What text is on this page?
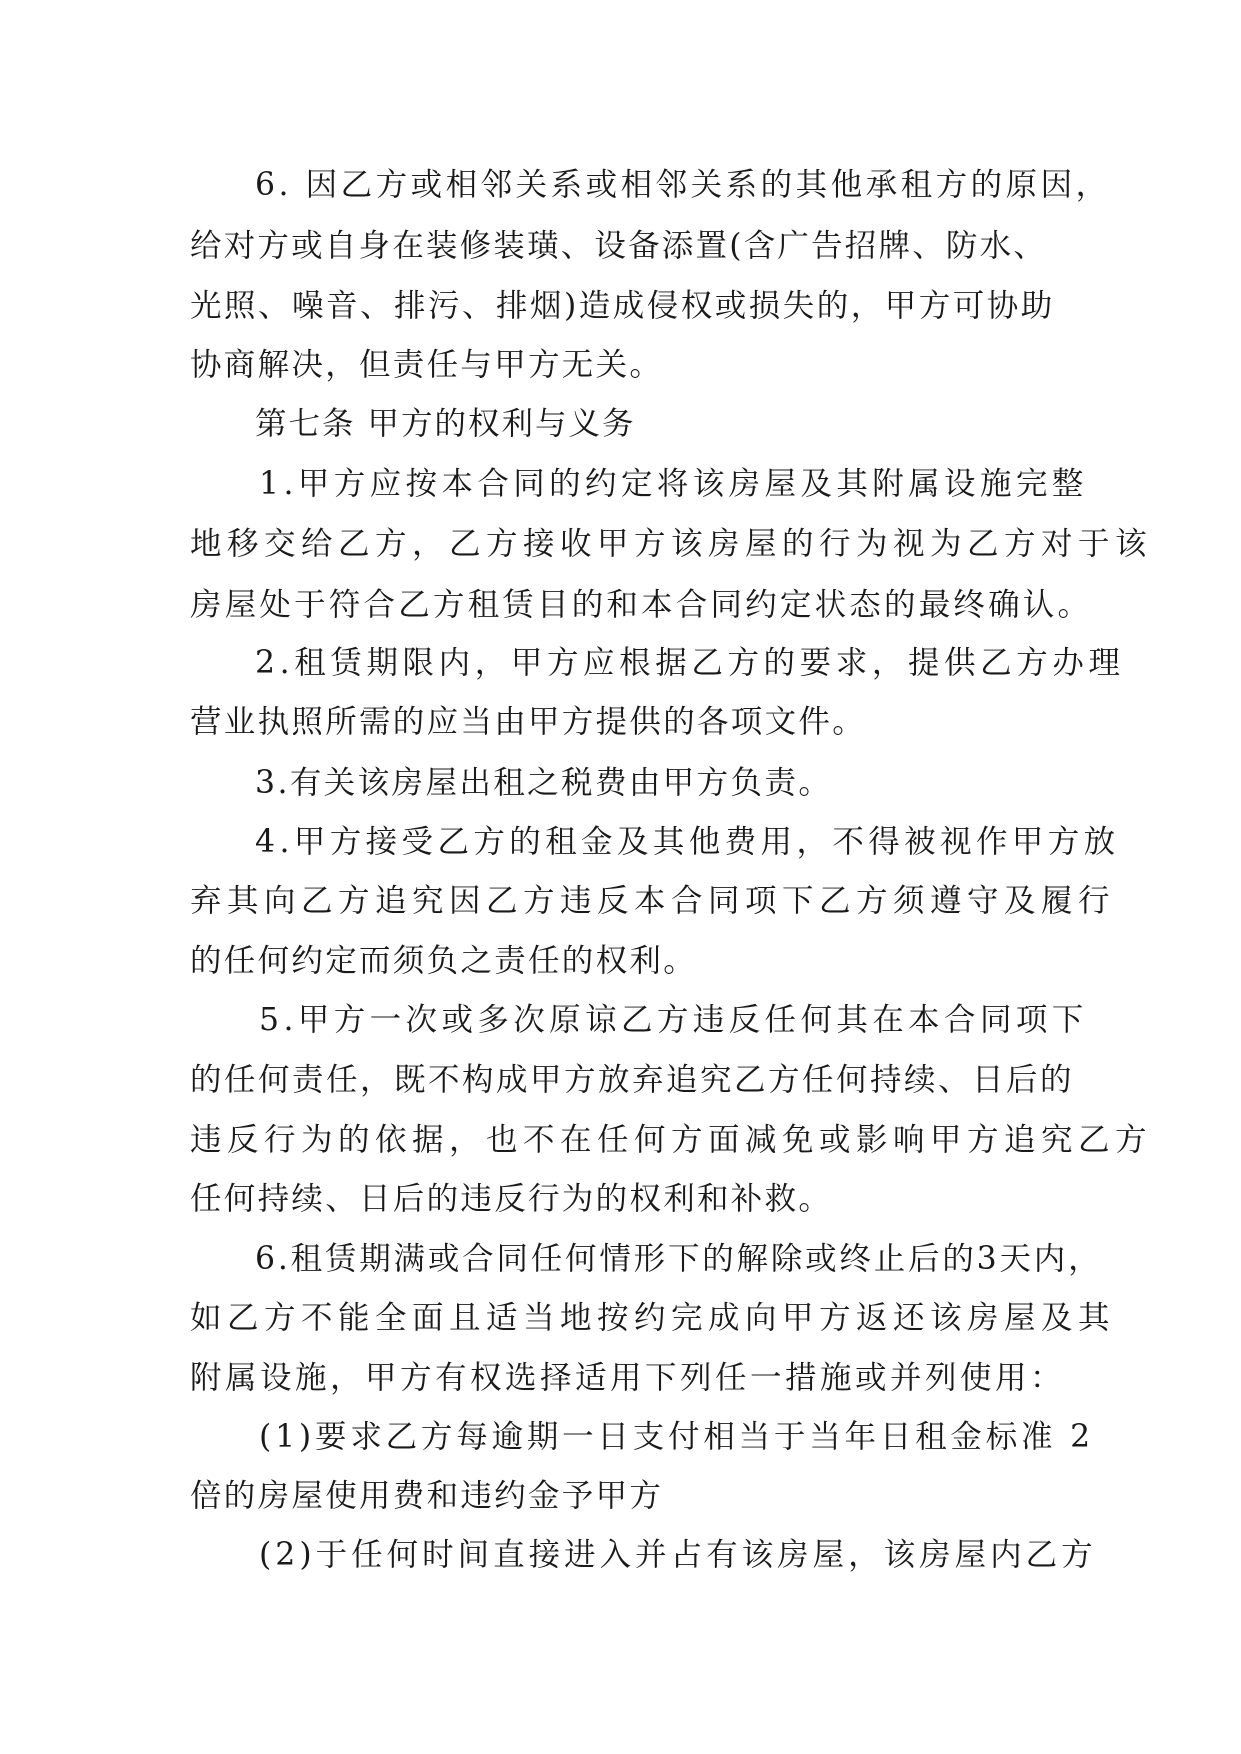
6. 因乙方或相邻关系或相邻关系的其他承租方的原因，

给对方或自身在装修装璜、设备添置(含广告招牌、防水、

光照、噪音、排污、排烟)造成侵权或损失的，甲方可协助

协商解决，但责任与甲方无关。

第七条 甲方的权利与义务

1.甲方应按本合同的约定将该房屋及其附属设施完整

地移交给乙方，乙方接收甲方该房屋的行为视为乙方对于该

房屋处于符合乙方租赁目的和本合同约定状态的最终确认。

2.租赁期限内，甲方应根据乙方的要求，提供乙方办理

营业执照所需的应当由甲方提供的各项文件。

3.有关该房屋出租之税费由甲方负责。

4.甲方接受乙方的租金及其他费用，不得被视作甲方放

弃其向乙方追究因乙方违反本合同项下乙方须遵守及履行

的任何约定而须负之责任的权利。

5.甲方一次或多次原谅乙方违反任何其在本合同项下

的任何责任，既不构成甲方放弃追究乙方任何持续、日后的

违反行为的依据，也不在任何方面减免或影响甲方追究乙方

任何持续、日后的违反行为的权利和补救。

6.租赁期满或合同任何情形下的解除或终止后的3天内，

如乙方不能全面且适当地按约完成向甲方返还该房屋及其

附属设施，甲方有权选择适用下列任一措施或并列使用：

(1)要求乙方每逾期一日支付相当于当年日租金标准 2

倍的房屋使用费和违约金予甲方

(2)于任何时间直接进入并占有该房屋，该房屋内乙方
